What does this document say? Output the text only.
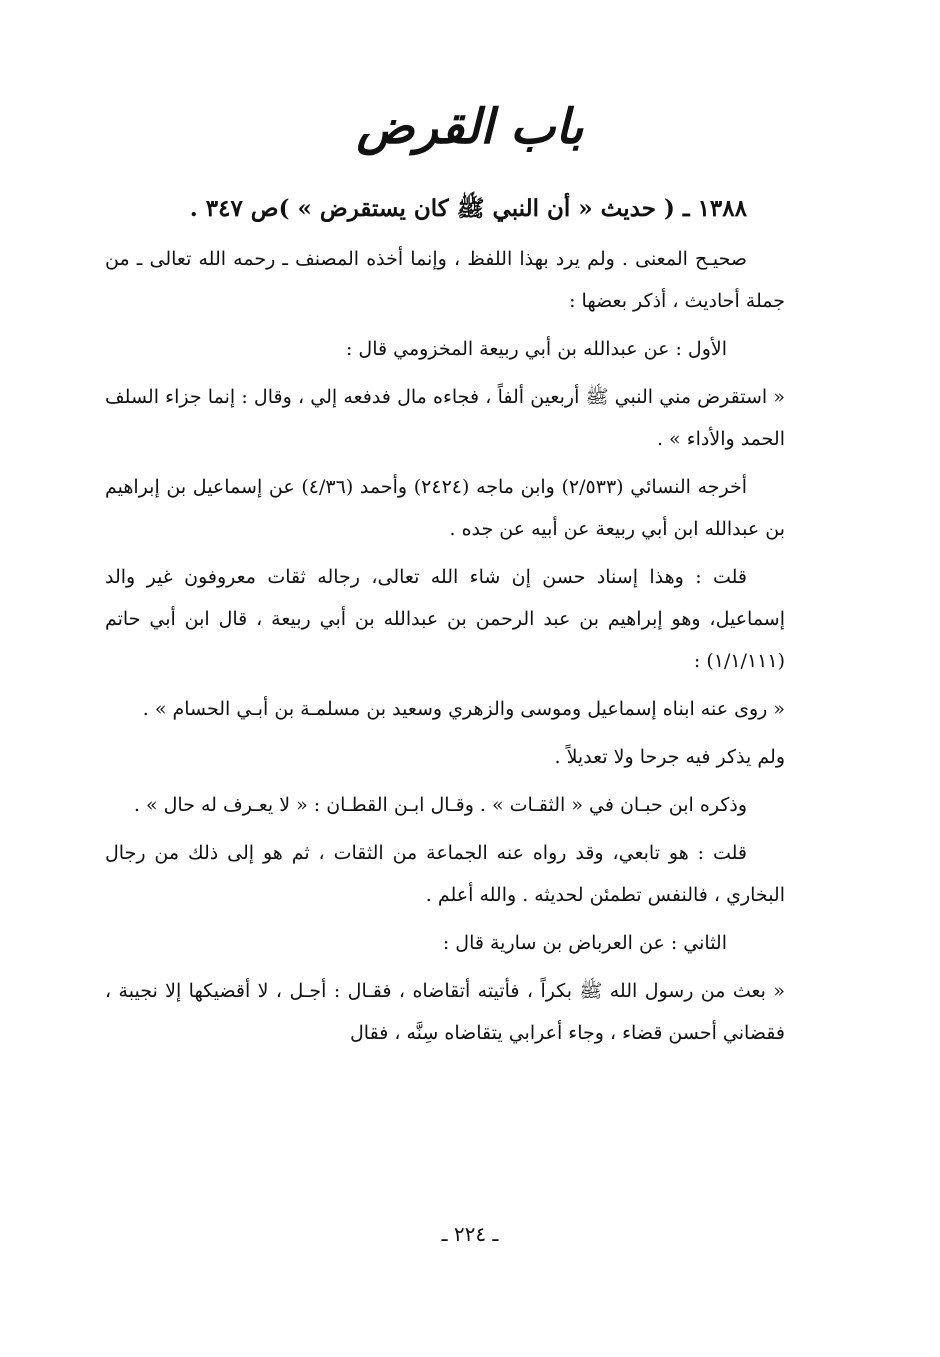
باب القرض

١٣٨٨ ـ ( حديث « أن النبي ﷺ كان يستقرض » )ص ٣٤٧ .

صحيـح المعنى . ولم يرد بهذا اللفظ ، وإنما أخذه المصنف ـ رحمه الله تعالى ـ من جملة أحاديث ، أذكر بعضها :

الأول : عن عبدالله بن أبي ربيعة المخزومي قال :

« استقرض مني النبي ﷺ أربعين ألفاً ، فجاءه مال فدفعه إلي ، وقال : إنما جزاء السلف الحمد والأداء » .

أخرجه النسائي (٢/٥٣٣) وابن ماجه (٢٤٢٤) وأحمد (٤/٣٦) عن إسماعيل بن إبراهيم بن عبدالله ابن أبي ربيعة عن أبيه عن جده .

قلت : وهذا إسناد حسن إن شاء الله تعالى، رجاله ثقات معروفون غير والد إسماعيل، وهو إبراهيم بن عبد الرحمن بن عبدالله بن أبي ربيعة ، قال ابن أبي حاتم (١/١/١١١) :

« روى عنه ابناه إسماعيل وموسى والزهري وسعيد بن مسلمـة بن أبـي الحسام » .

ولم يذكر فيه جرحا ولا تعديلاً .

وذكره ابن حبـان في « الثقـات » . وقـال ابـن القطـان : « لا يعـرف له حال » .

قلت : هو تابعي، وقد رواه عنه الجماعة من الثقات ، ثم هو إلى ذلك من رجال البخاري ، فالنفس تطمئن لحديثه . والله أعلم .

الثاني : عن العرباض بن سارية قال :

« بعث من رسول الله ﷺ بكراً ، فأتيته أتقاضاه ، فقـال : أجـل ، لا أقضيكها إلا نجيبة ، فقضاني أحسن قضاء ، وجاء أعرابي يتقاضاه سِنَّه ، فقال

ـ ٢٢٤ ـ
